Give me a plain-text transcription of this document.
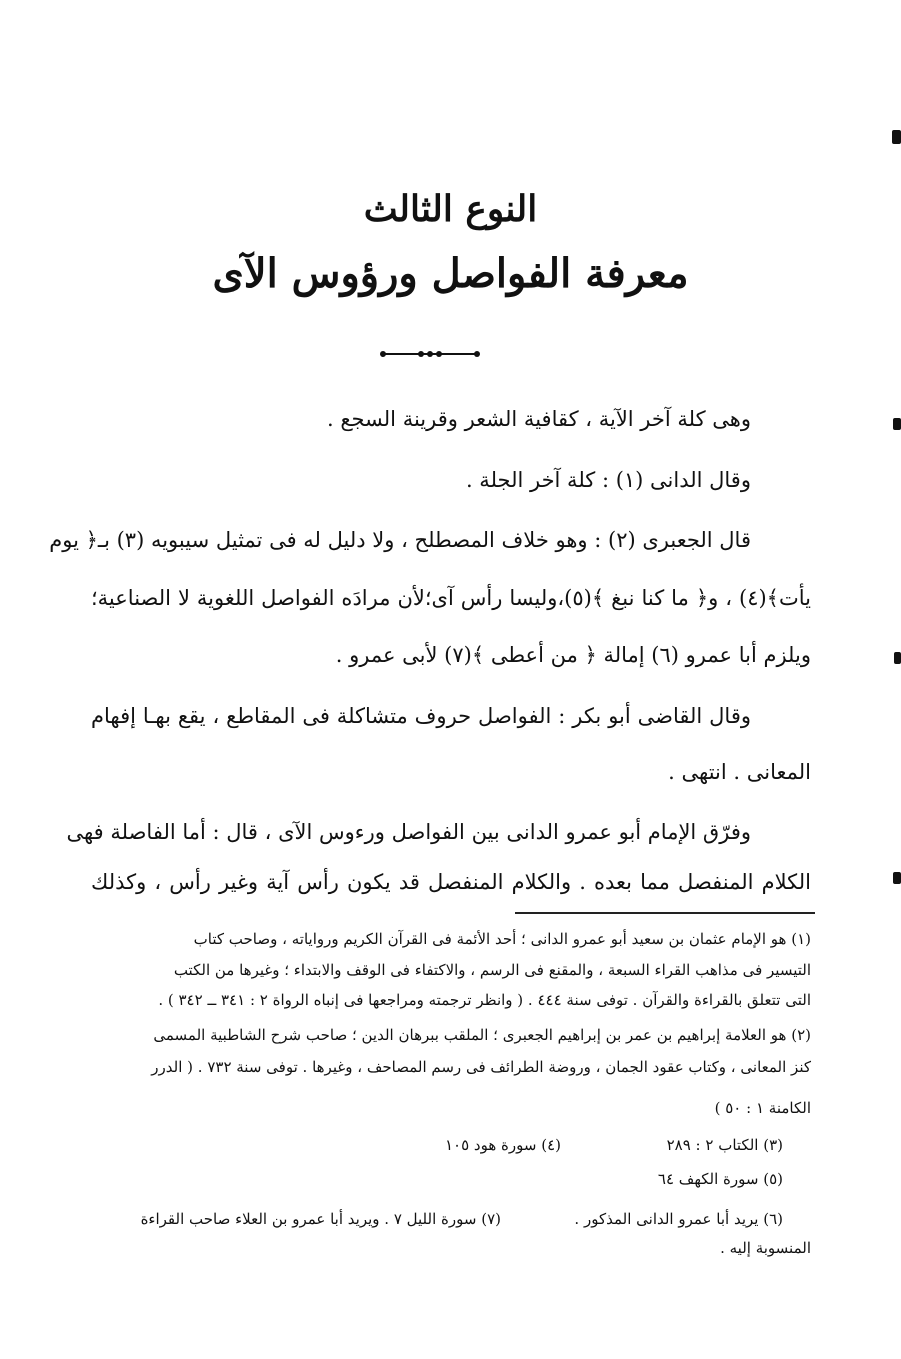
النوع الثالث
معرفة الفواصل ورؤوس الآى
وهى كلة آخر الآية ، كقافية الشعر وقرينة السجع .
وقال الدانى (١) : كلة آخر الجلة .
قال الجعبرى (٢) : وهو خلاف المصطلح ، ولا دليل له فى تمثيل سيبويه (٣) بـ﴿ يوم
يأت﴾(٤) ، و﴿ ما كنا نبغ ﴾(٥)،وليسا رأس آى؛لأن مرادَه الفواصل اللغوية لا الصناعية؛
ويلزم أبا عمرو (٦) إمالة ﴿ من أعطى ﴾(٧) لأبى عمرو .
وقال القاضى أبو بكر : الفواصل حروف متشاكلة فى المقاطع ، يقع بهـا إفهام
المعانى . انتهى .
وفرّق الإمام أبو عمرو الدانى بين الفواصل ورءوس الآى ، قال : أما الفاصلة فهى
الكلام المنفصل مما بعده . والكلام المنفصل قد يكون رأس آية وغير رأس ، وكذلك
(١) هو الإمام عثمان بن سعيد أبو عمرو الدانى ؛ أحد الأئمة فى القرآن الكريم ورواياته ، وصاحب كتاب
التيسير فى مذاهب القراء السبعة ، والمقنع فى الرسم ، والاكتفاء فى الوقف والابتداء ؛ وغيرها من الكتب
التى تتعلق بالقراءة والقرآن . توفى سنة ٤٤٤ . ( وانظر ترجمته ومراجعها فى إنباه الرواة ٢ : ٣٤١ ــ ٣٤٢ ) .
(٢) هو العلامة إبراهيم بن عمر بن إبراهيم الجعبرى ؛ الملقب ببرهان الدين ؛ صاحب شرح الشاطبية المسمى
كنز المعانى ، وكتاب عقود الجمان ، وروضة الطرائف فى رسم المصاحف ، وغيرها . توفى سنة ٧٣٢ . ( الدرر
الكامنة ١ : ٥٠ )
(٣) الكتاب ٢ : ٢٨٩
(٤) سورة هود ١٠٥
(٥) سورة الكهف ٦٤
(٦) يريد أبا عمرو الدانى المذكور .
(٧) سورة الليل ٧ . ويريد أبا عمرو بن العلاء صاحب القراءة
المنسوبة إليه .
